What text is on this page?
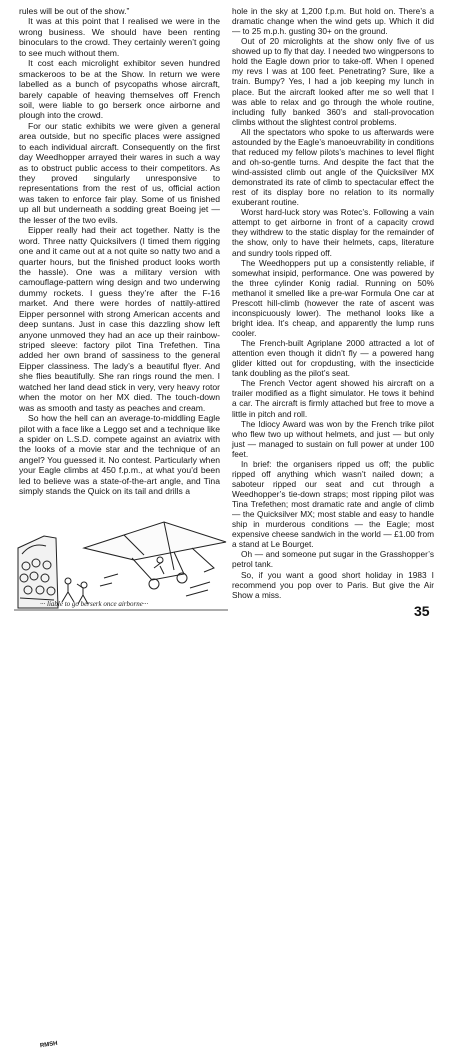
rules will be out of the show.”

It was at this point that I realised we were in the wrong business. We should have been renting binoculars to the crowd. They certainly weren’t going to see much without them.

It cost each microlight exhibitor seven hundred smackeroos to be at the Show. In return we were labelled as a bunch of psycopaths whose aircraft, barely capable of heaving themselves off French soil, were liable to go berserk once airborne and plough into the crowd.

For our static exhibits we were given a general area outside, but no specific places were assigned to each individual aircraft. Consequently on the first day Weedhopper arrayed their wares in such a way as to obstruct public access to their competitors. As they proved singularly unresponsive to representations from the rest of us, official action was taken to enforce fair play. Some of us finished up all but underneath a sodding great Boeing jet — the lesser of the two evils.

Eipper really had their act together. Natty is the word. Three natty Quicksilvers (I timed them rigging one and it came out at a not quite so natty two and a quarter hours, but the finished product looks worth the hassle). One was a military version with camouflage-pattern wing design and two underwing dummy rockets. I guess they’re after the F-16 market. And there were hordes of nattily-attired Eipper personnel with strong American accents and deep suntans. Just in case this dazzling show left anyone unmoved they had an ace up their rainbow-striped sleeve: factory pilot Tina Trefethen. Tina added her own brand of sassiness to the general Eipper classiness. The lady’s a beautiful flyer. And she flies beautifully. She ran rings round the men. I watched her land dead stick in very, very heavy rotor when the motor on her MX died. The touch-down was as smooth and tasty as peaches and cream.

So how the hell can an average-to-middling Eagle pilot with a face like a Leggo set and a technique like a spider on L.S.D. compete against an aviatrix with the looks of a movie star and the technique of an angel? You guessed it. No contest. Particularly when your Eagle climbs at 450 f.p.m., at what you’d been led to believe was a state-of-the-art angle, and Tina simply stands the Quick on its tail and drills a

hole in the sky at 1,200 f.p.m. But hold on. There’s a dramatic change when the wind gets up. Which it did — to 25 m.p.h. gusting 30+ on the ground.

Out of 20 microlights at the show only five of us showed up to fly that day. I needed two wingpersons to hold the Eagle down prior to take-off. When I opened my revs I was at 100 feet. Penetrating? Sure, like a train. Bumpy? Yes, I had a job keeping my lunch in place. But the aircraft looked after me so well that I was able to relax and go through the whole routine, including fully banked 360’s and stall-provocation climbs without the slightest control problems.

All the spectators who spoke to us afterwards were astounded by the Eagle’s manoeuvrability in conditions that reduced my fellow pilots’s machines to level flight and oh-so-gentle turns. And despite the fact that the wind-assisted climb out angle of the Quicksilver MX demonstrated its rate of climb to spectacular effect the rest of its display bore no relation to its normally exuberant routine.

Worst hard-luck story was Rotec’s. Following a vain attempt to get airborne in front of a capacity crowd they withdrew to the static display for the remainder of the show, only to have their helmets, caps, literature and sundry tools ripped off.

The Weedhoppers put up a consistently reliable, if somewhat insipid, performance. One was powered by the three cylinder Konig radial. Running on 50% methanol it smelled like a pre-war Formula One car at Prescott hill-climb (however the rate of ascent was inconspicuously lower). The methanol looks like a bright idea. It’s cheap, and apparently the lump runs cooler.

The French-built Agriplane 2000 attracted a lot of attention even though it didn’t fly — a powered hang glider kitted out for cropdusting, with the insecticide tank doubling as the pilot’s seat.

The French Vector agent showed his aircraft on a trailer modified as a flight simulator. He tows it behind a car. The aircraft is firmly attached but free to move a little in pitch and roll.

The Idiocy Award was won by the French trike pilot who flew two up without helmets, and just — but only just — managed to sustain on full power at under 100 feet.

In brief: the organisers ripped us off; the public ripped off anything which wasn’t nailed down; a saboteur ripped our seat and cut through a Weedhopper’s tie-down straps; most ripping pilot was Tina Trefethen; most dramatic rate and angle of climb — the Quicksilver MX; most stable and easy to handle ship in murderous conditions — the Eagle; most expensive cheese sandwich in the world — £1.00 from a stand at Le Bourget.

Oh — and someone put sugar in the Grasshopper’s petrol tank.

So, if you want a good short holiday in 1983 I recommend you pop over to Paris. But give the Air Show a miss.

RMSH
··· liable to go berserk once airborne···	35
